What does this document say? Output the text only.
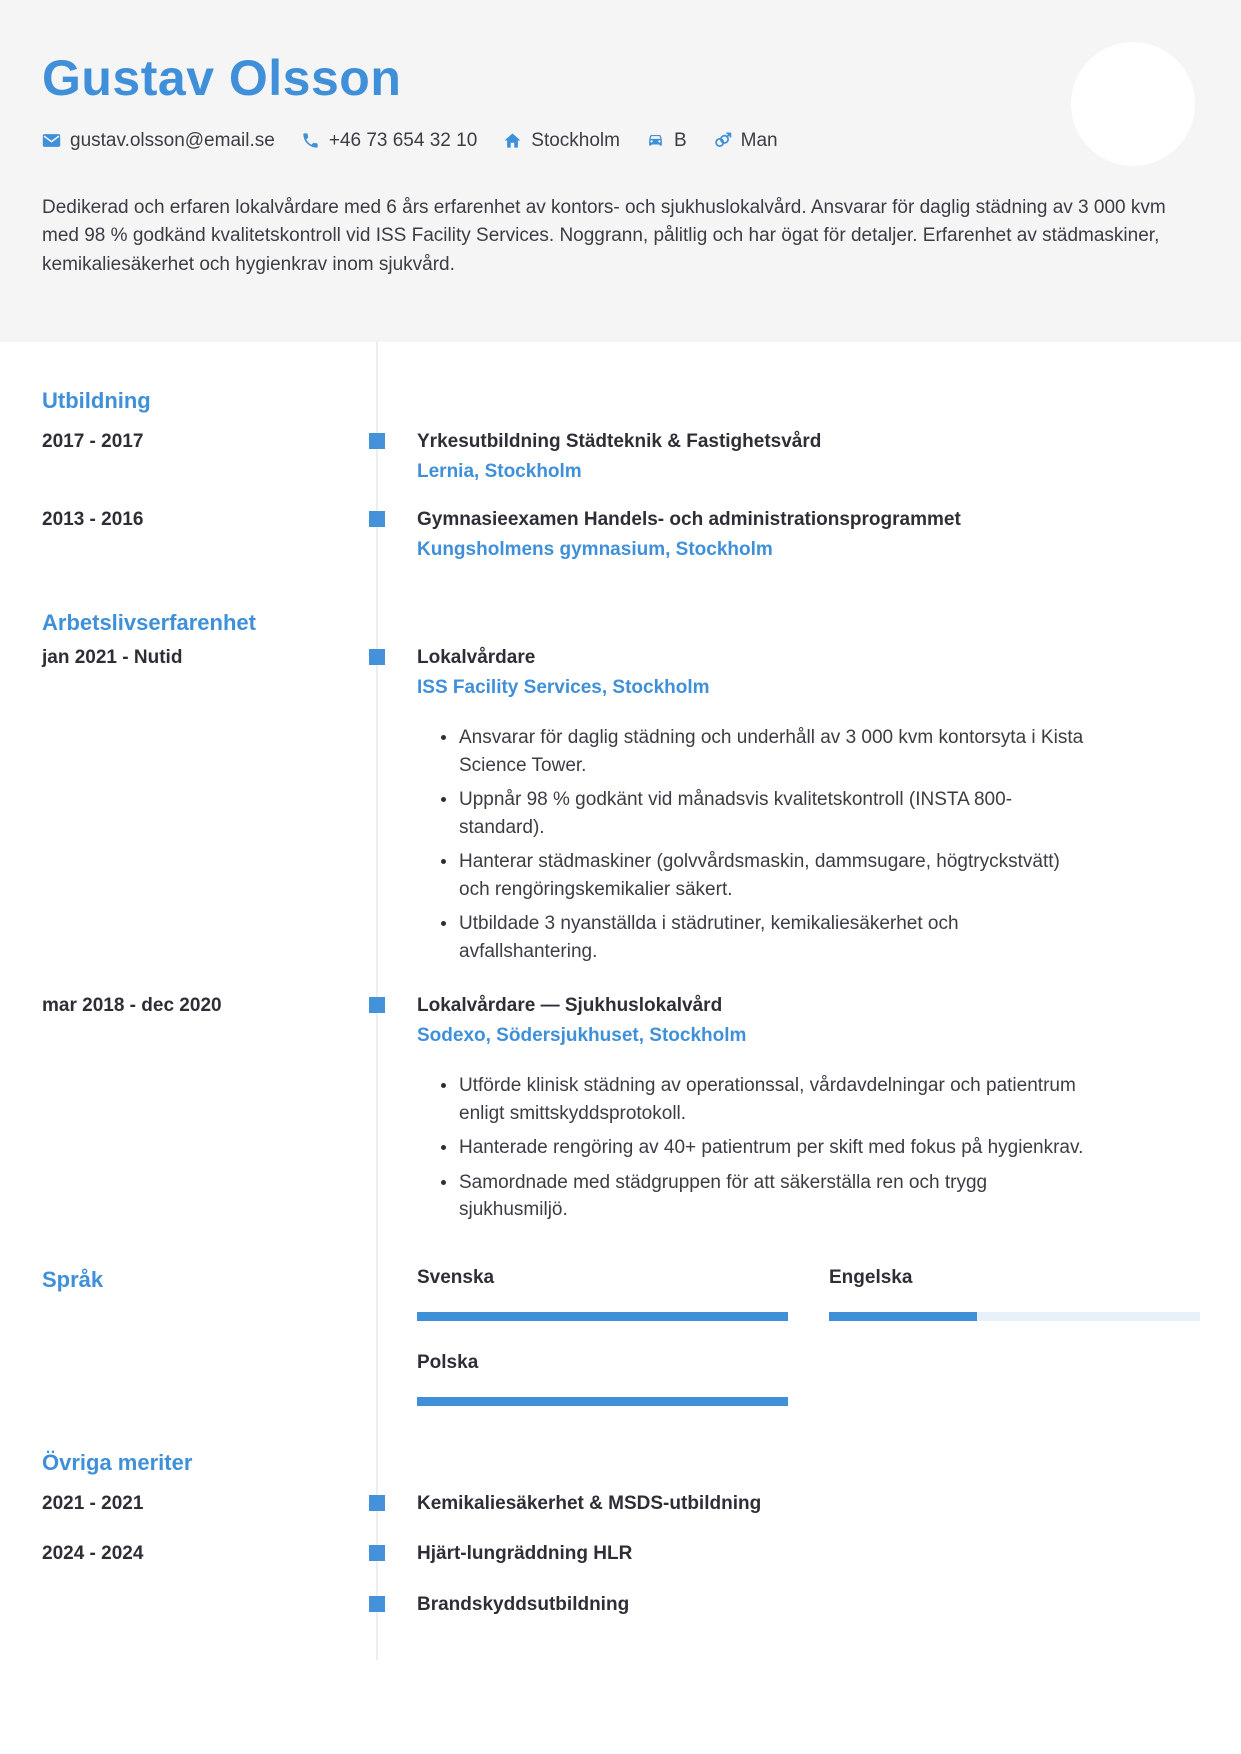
Gustav Olsson
gustav.olsson@email.se	+46 73 654 32 10	Stockholm	B	Man

Dedikerad och erfaren lokalvårdare med 6 års erfarenhet av kontors- och sjukhuslokalvård. Ansvarar för daglig städning av 3 000 kvm med 98 % godkänd kvalitetskontroll vid ISS Facility Services. Noggrann, pålitlig och har ögat för detaljer. Erfarenhet av städmaskiner, kemikaliesäkerhet och hygienkrav inom sjukvård.

Utbildning
2017 - 2017	Yrkesutbildning Städteknik & Fastighetsvård
Lernia, Stockholm
2013 - 2016	Gymnasieexamen Handels- och administrationsprogrammet
Kungsholmens gymnasium, Stockholm
Arbetslivserfarenhet
jan 2021 - Nutid	Lokalvårdare
ISS Facility Services, Stockholm
Ansvarar för daglig städning och underhåll av 3 000 kvm kontorsyta i Kista Science Tower.
Uppnår 98 % godkänt vid månadsvis kvalitetskontroll (INSTA 800-standard).
Hanterar städmaskiner (golvvårdsmaskin, dammsugare, högtryckstvätt) och rengöringskemikalier säkert.
Utbildade 3 nyanställda i städrutiner, kemikaliesäkerhet och avfallshantering.
mar 2018 - dec 2020	Lokalvårdare — Sjukhuslokalvård
Sodexo, Södersjukhuset, Stockholm
Utförde klinisk städning av operationssal, vårdavdelningar och patientrum enligt smittskyddsprotokoll.
Hanterade rengöring av 40+ patientrum per skift med fokus på hygienkrav.
Samordnade med städgruppen för att säkerställa ren och trygg sjukhusmiljö.
Språk	Svenska	Engelska
Polska
Övriga meriter
2021 - 2021	Kemikaliesäkerhet & MSDS-utbildning
2024 - 2024	Hjärt-lungräddning HLR
Brandskyddsutbildning
